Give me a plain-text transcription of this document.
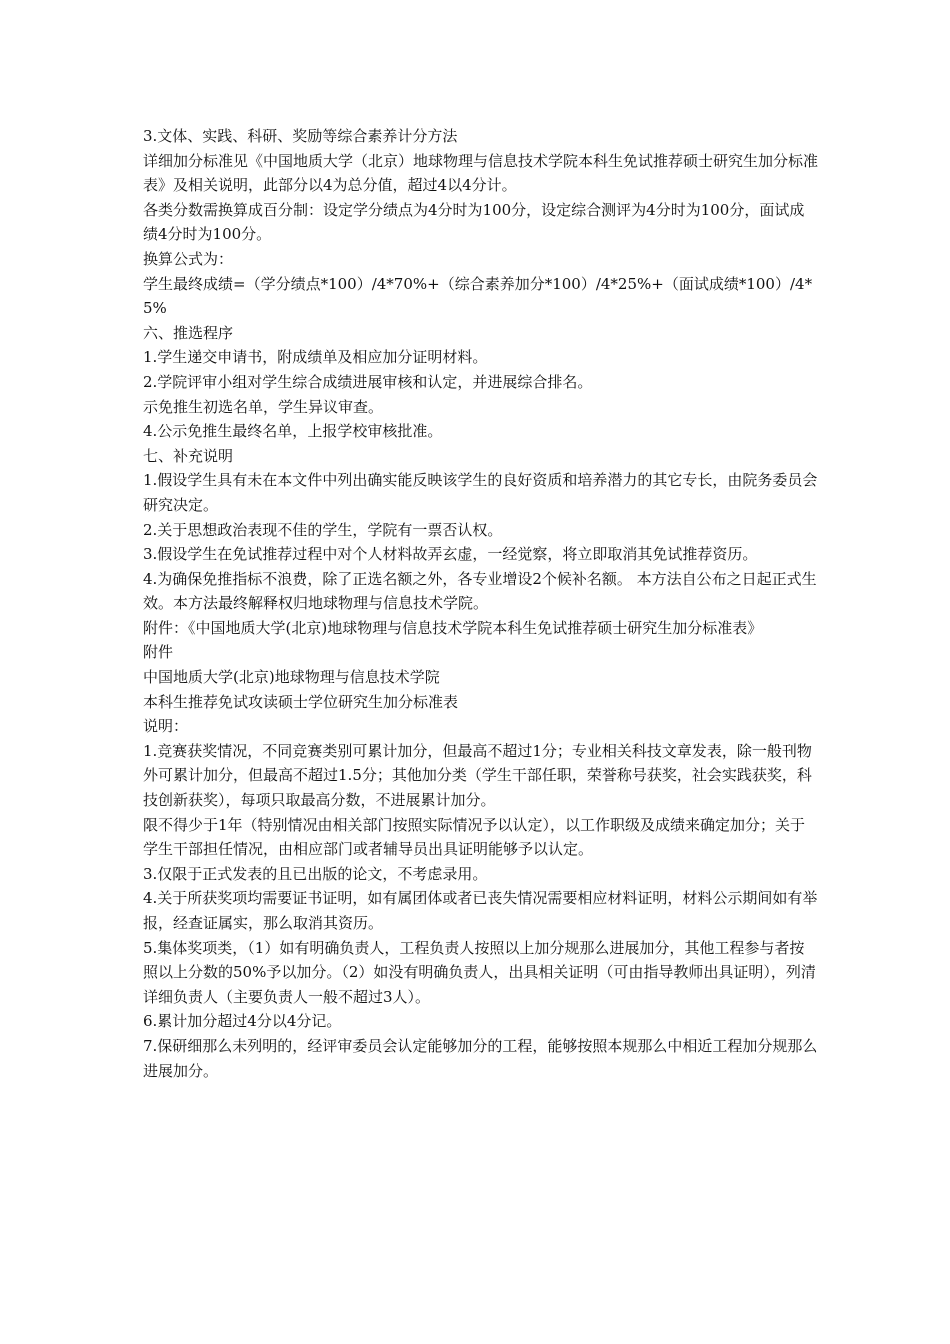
3.文体、实践、科研、奖励等综合素养计分方法

详细加分标准见《中国地质大学（北京）地球物理与信息技术学院本科生免试推荐硕士研究生加分标准表》及相关说明，此部分以4为总分值，超过4以4分计。

各类分数需换算成百分制：设定学分绩点为4分时为100分，设定综合测评为4分时为100分，面试成绩4分时为100分。

换算公式为：

学生最终成绩=（学分绩点*100）/4*70%+（综合素养加分*100）/4*25%+（面试成绩*100）/4*5%

六、推选程序

1.学生递交申请书，附成绩单及相应加分证明材料。

2.学院评审小组对学生综合成绩进展审核和认定，并进展综合排名。

示免推生初选名单，学生异议审查。

4.公示免推生最终名单，上报学校审核批准。

七、补充说明

1.假设学生具有未在本文件中列出确实能反映该学生的良好资质和培养潜力的其它专长，由院务委员会研究决定。

2.关于思想政治表现不佳的学生，学院有一票否认权。

3.假设学生在免试推荐过程中对个人材料故弄玄虚，一经觉察，将立即取消其免试推荐资历。

4.为确保免推指标不浪费，除了正选名额之外，各专业增设2个候补名额。 本方法自公布之日起正式生效。本方法最终解释权归地球物理与信息技术学院。

附件：《中国地质大学(北京)地球物理与信息技术学院本科生免试推荐硕士研究生加分标准表》

附件

中国地质大学(北京)地球物理与信息技术学院

本科生推荐免试攻读硕士学位研究生加分标准表

说明：

1.竞赛获奖情况，不同竞赛类别可累计加分，但最高不超过1分；专业相关科技文章发表，除一般刊物外可累计加分，但最高不超过1.5分；其他加分类（学生干部任职，荣誉称号获奖，社会实践获奖，科技创新获奖），每项只取最高分数，不进展累计加分。

限不得少于1年（特别情况由相关部门按照实际情况予以认定），以工作职级及成绩来确定加分；关于学生干部担任情况，由相应部门或者辅导员出具证明能够予以认定。

3.仅限于正式发表的且已出版的论文，不考虑录用。

4.关于所获奖项均需要证书证明，如有属团体或者已丧失情况需要相应材料证明，材料公示期间如有举报，经查证属实，那么取消其资历。

5.集体奖项类，（1）如有明确负责人，工程负责人按照以上加分规那么进展加分，其他工程参与者按照以上分数的50%予以加分。（2）如没有明确负责人，出具相关证明（可由指导教师出具证明），列清详细负责人（主要负责人一般不超过3人）。

6.累计加分超过4分以4分记。

7.保研细那么未列明的，经评审委员会认定能够加分的工程，能够按照本规那么中相近工程加分规那么进展加分。
